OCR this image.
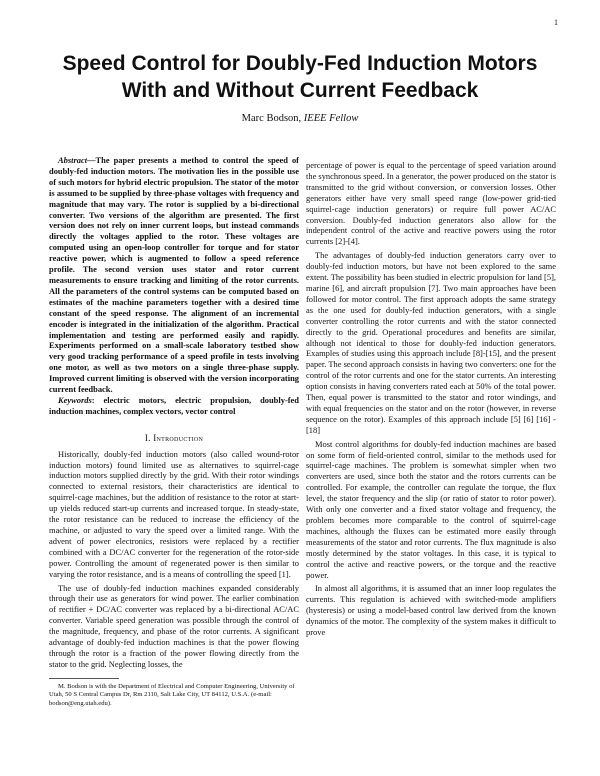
1
Speed Control for Doubly-Fed Induction Motors
With and Without Current Feedback
Marc Bodson, IEEE Fellow

Abstract—The paper presents a method to control the speed of doubly-fed induction motors. The motivation lies in the possible use of such motors for hybrid electric propulsion. The stator of the motor is assumed to be supplied by three-phase voltages with frequency and magnitude that may vary. The rotor is supplied by a bi-directional converter. Two versions of the algorithm are presented. The first version does not rely on inner current loops, but instead commands directly the voltages applied to the rotor. These voltages are computed using an open-loop controller for torque and for stator reactive power, which is augmented to follow a speed reference profile. The second version uses stator and rotor current measurements to ensure tracking and limiting of the rotor currents. All the parameters of the control systems can be computed based on estimates of the machine parameters together with a desired time constant of the speed response. The alignment of an incremental encoder is integrated in the initialization of the algorithm. Practical implementation and testing are performed easily and rapidly. Experiments performed on a small-scale laboratory testbed show very good tracking performance of a speed profile in tests involving one motor, as well as two motors on a single three-phase supply. Improved current limiting is observed with the version incorporating current feedback.

Keywords: electric motors, electric propulsion, doubly-fed induction machines, complex vectors, vector control

I. Introduction

Historically, doubly-fed induction motors (also called wound-rotor induction motors) found limited use as alternatives to squirrel-cage induction motors supplied directly by the grid. With their rotor windings connected to external resistors, their characteristics are identical to squirrel-cage machines, but the addition of resistance to the rotor at start-up yields reduced start-up currents and increased torque. In steady-state, the rotor resistance can be reduced to increase the efficiency of the machine, or adjusted to vary the speed over a limited range. With the advent of power electronics, resistors were replaced by a rectifier combined with a DC/AC converter for the regeneration of the rotor-side power. Controlling the amount of regenerated power is then similar to varying the rotor resistance, and is a means of controlling the speed [1].

The use of doubly-fed induction machines expanded considerably through their use as generators for wind power. The earlier combination of rectifier + DC/AC converter was replaced by a bi-directional AC/AC converter. Variable speed generation was possible through the control of the magnitude, frequency, and phase of the rotor currents. A significant advantage of doubly-fed induction machines is that the power flowing through the rotor is a fraction of the power flowing directly from the stator to the grid. Neglecting losses, the

M. Bodson is with the Department of Electrical and Computer Engineering, University of Utah, 50 S Central Campus Dr, Rm 2110, Salt Lake City, UT 84112, U.S.A. (e-mail: bodson@eng.utah.edu).

percentage of power is equal to the percentage of speed variation around the synchronous speed. In a generator, the power produced on the stator is transmitted to the grid without conversion, or conversion losses. Other generators either have very small speed range (low-power grid-tied squirrel-cage induction generators) or require full power AC/AC conversion. Doubly-fed induction generators also allow for the independent control of the active and reactive powers using the rotor currents [2]-[4].

The advantages of doubly-fed induction generators carry over to doubly-fed induction motors, but have not been explored to the same extent. The possibility has been studied in electric propulsion for land [5], marine [6], and aircraft propulsion [7]. Two main approaches have been followed for motor control. The first approach adopts the same strategy as the one used for doubly-fed induction generators, with a single converter controlling the rotor currents and with the stator connected directly to the grid. Operational procedures and benefits are similar, although not identical to those for doubly-fed induction generators. Examples of studies using this approach include [8]-[15], and the present paper. The second approach consists in having two converters: one for the control of the rotor currents and one for the stator currents. An interesting option consists in having converters rated each at 50% of the total power. Then, equal power is transmitted to the stator and rotor windings, and with equal frequencies on the stator and on the rotor (however, in reverse sequence on the rotor). Examples of this approach include [5] [6] [16] -[18]

Most control algorithms for doubly-fed induction machines are based on some form of field-oriented control, similar to the methods used for squirrel-cage machines. The problem is somewhat simpler when two converters are used, since both the stator and the rotors currents can be controlled. For example, the controller can regulate the torque, the flux level, the stator frequency and the slip (or ratio of stator to rotor power). With only one converter and a fixed stator voltage and frequency, the problem becomes more comparable to the control of squirrel-cage machines, although the fluxes can be estimated more easily through measurements of the stator and rotor currents. The flux magnitude is also mostly determined by the stator voltages. In this case, it is typical to control the active and reactive powers, or the torque and the reactive power.

In almost all algorithms, it is assumed that an inner loop regulates the currents. This regulation is achieved with switched-mode amplifiers (hysteresis) or using a model-based control law derived from the known dynamics of the motor. The complexity of the system makes it difficult to prove
